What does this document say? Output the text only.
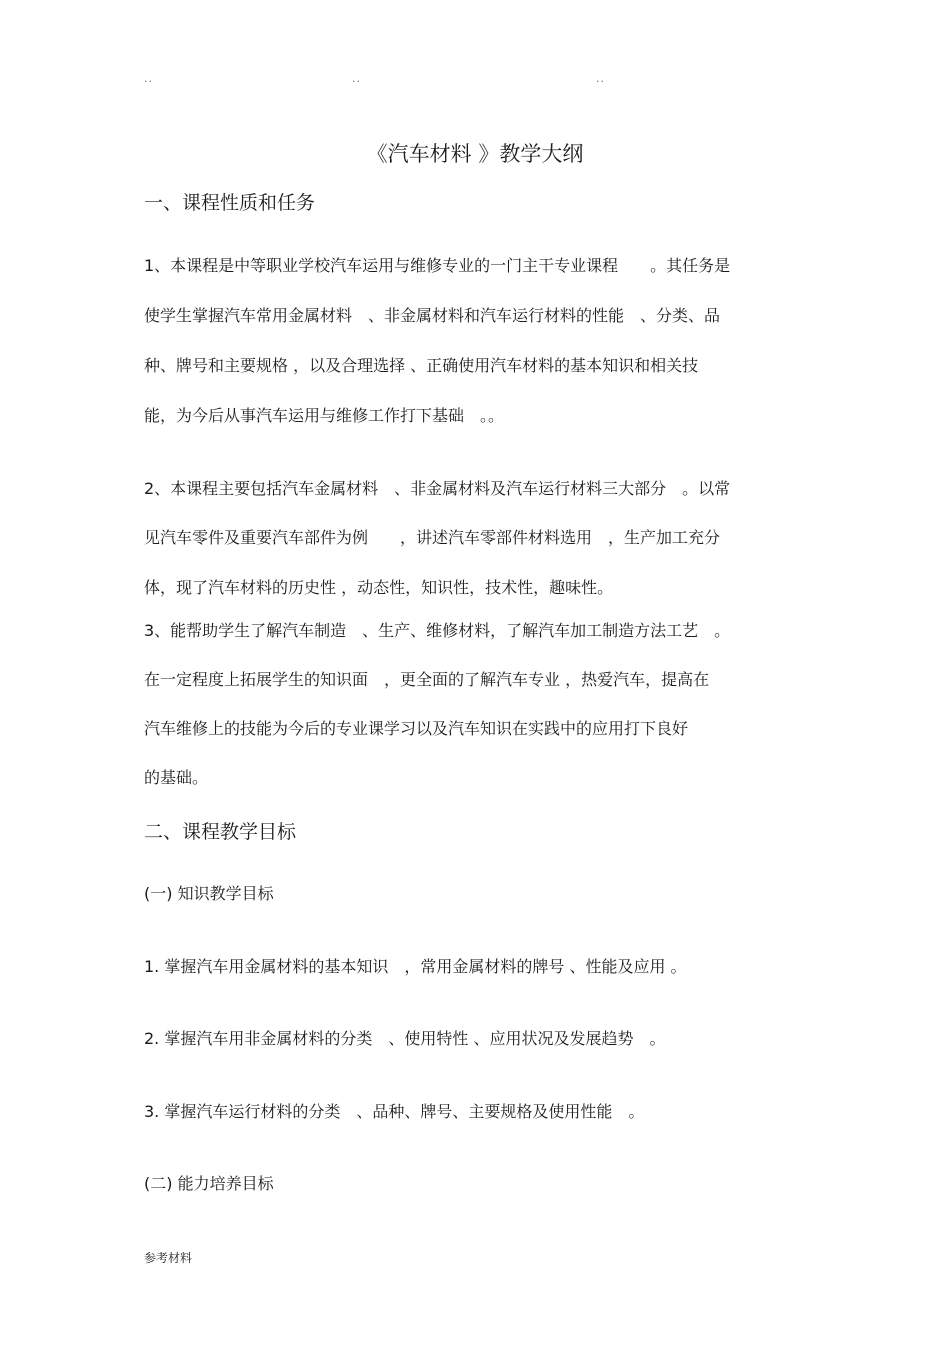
..	..	..
《汽车材料 》教学大纲
一、课程性质和任务
1、本课程是中等职业学校汽车运用与维修专业的一门主干专业课程　　。其任务是
使学生掌握汽车常用金属材料　、非金属材料和汽车运行材料的性能　、分类、品
种、牌号和主要规格 ，以及合理选择 、正确使用汽车材料的基本知识和相关技
能，为今后从事汽车运用与维修工作打下基础　。。
2、本课程主要包括汽车金属材料　、非金属材料及汽车运行材料三大部分　。以常
见汽车零件及重要汽车部件为例　　，讲述汽车零部件材料选用　，生产加工充分
体，现了汽车材料的历史性 ，动态性，知识性，技术性，趣味性。
3、能帮助学生了解汽车制造　、生产、维修材料，了解汽车加工制造方法工艺　。
在一定程度上拓展学生的知识面　，更全面的了解汽车专业 ，热爱汽车，提高在
汽车维修上的技能为今后的专业课学习以及汽车知识在实践中的应用打下良好
的基础。
二、课程教学目标
(一) 知识教学目标
1. 掌握汽车用金属材料的基本知识　，常用金属材料的牌号 、性能及应用 。
2. 掌握汽车用非金属材料的分类　、使用特性 、应用状况及发展趋势　。
3. 掌握汽车运行材料的分类　、品种、牌号、主要规格及使用性能　。
(二) 能力培养目标
参考材料
